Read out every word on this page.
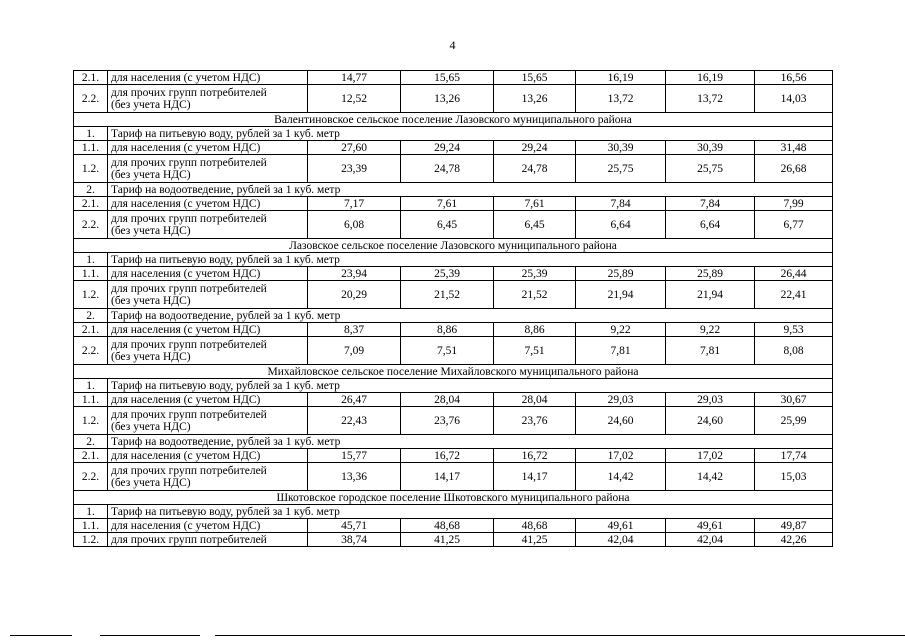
4
2.1.	для населения (с учетом НДС)	14,77	15,65	15,65	16,19	16,19	16,56
2.2.	для прочих групп потребителей
(без учета НДС)	12,52	13,26	13,26	13,72	13,72	14,03
Валентиновское сельское поселение Лазовского муниципального района							
1.	Тариф на питьевую воду, рублей за 1 куб. метр						
1.1.	для населения (с учетом НДС)	27,60	29,24	29,24	30,39	30,39	31,48
1.2.	для прочих групп потребителей
(без учета НДС)	23,39	24,78	24,78	25,75	25,75	26,68
2.	Тариф на водоотведение, рублей за 1 куб. метр						
2.1.	для населения (с учетом НДС)	7,17	7,61	7,61	7,84	7,84	7,99
2.2.	для прочих групп потребителей
(без учета НДС)	6,08	6,45	6,45	6,64	6,64	6,77
Лазовское сельское поселение Лазовского муниципального района							
1.	Тариф на питьевую воду, рублей за 1 куб. метр						
1.1.	для населения (с учетом НДС)	23,94	25,39	25,39	25,89	25,89	26,44
1.2.	для прочих групп потребителей
(без учета НДС)	20,29	21,52	21,52	21,94	21,94	22,41
2.	Тариф на водоотведение, рублей за 1 куб. метр						
2.1.	для населения (с учетом НДС)	8,37	8,86	8,86	9,22	9,22	9,53
2.2.	для прочих групп потребителей
(без учета НДС)	7,09	7,51	7,51	7,81	7,81	8,08
Михайловское сельское поселение Михайловского муниципального района							
1.	Тариф на питьевую воду, рублей за 1 куб. метр						
1.1.	для населения (с учетом НДС)	26,47	28,04	28,04	29,03	29,03	30,67
1.2.	для прочих групп потребителей
(без учета НДС)	22,43	23,76	23,76	24,60	24,60	25,99
2.	Тариф на водоотведение, рублей за 1 куб. метр						
2.1.	для населения (с учетом НДС)	15,77	16,72	16,72	17,02	17,02	17,74
2.2.	для прочих групп потребителей
(без учета НДС)	13,36	14,17	14,17	14,42	14,42	15,03
Шкотовское городское поселение Шкотовского муниципального района							
1.	Тариф на питьевую воду, рублей за 1 куб. метр						
1.1.	для населения (с учетом НДС)	45,71	48,68	48,68	49,61	49,61	49,87
1.2.	для прочих групп потребителей	38,74	41,25	41,25	42,04	42,04	42,26
